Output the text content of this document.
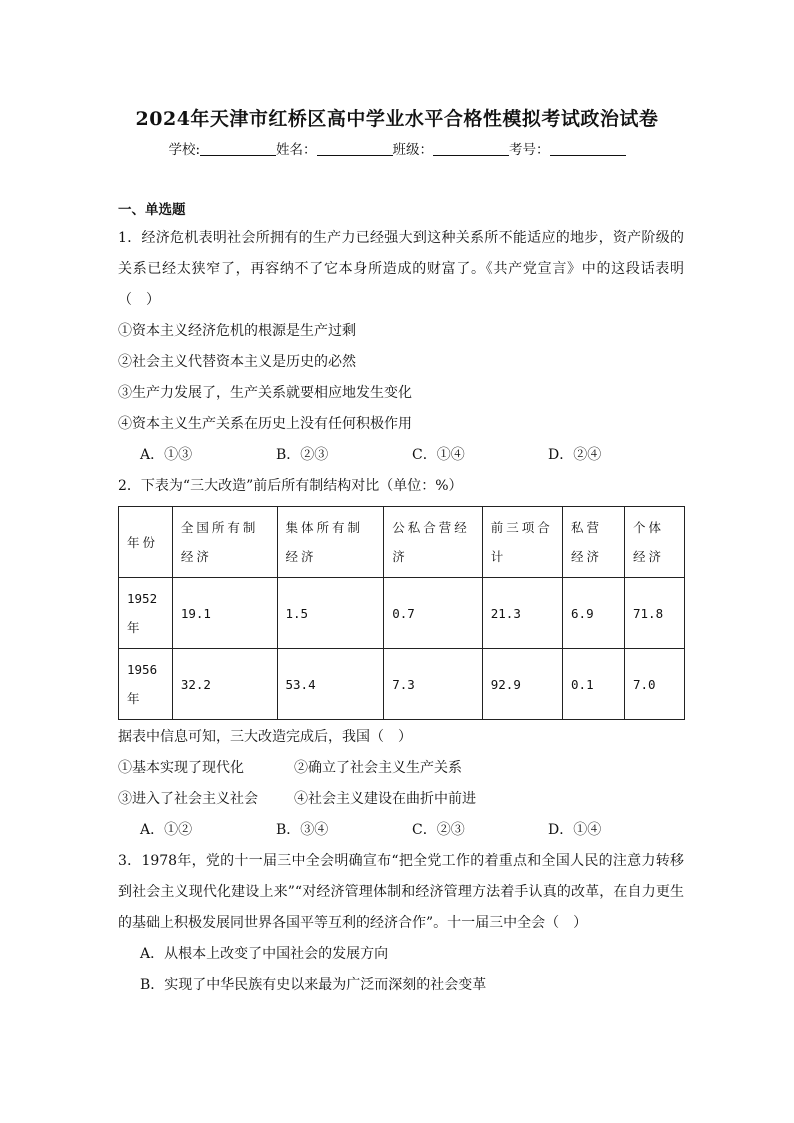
2024年天津市红桥区高中学业水平合格性模拟考试政治试卷
学校:	姓名：	班级：	考号：
一、单选题
1．经济危机表明社会所拥有的生产力已经强大到这种关系所不能适应的地步，资产阶级的关系已经太狭窄了，再容纳不了它本身所造成的财富了。《共产党宣言》中的这段话表明（　）
①资本主义经济危机的根源是生产过剩
②社会主义代替资本主义是历史的必然
③生产力发展了，生产关系就要相应地发生变化
④资本主义生产关系在历史上没有任何积极作用
A．①③	B．②③	C．①④	D．②④
2．下表为“三大改造”前后所有制结构对比（单位：%）
年份	全国所有制经济	集体所有制经济	公私合营经济	前三项合计	私营经济	个体经济

1952年	19.1	1.5	0.7	21.3	6.9	71.8

1956年	32.2	53.4	7.3	92.9	0.1	7.0
据表中信息可知，三大改造完成后，我国（　）
①基本实现了现代化	②确立了社会主义生产关系
③进入了社会主义社会	④社会主义建设在曲折中前进
A．①②	B．③④	C．②③	D．①④
3．1978年，党的十一届三中全会明确宣布“把全党工作的着重点和全国人民的注意力转移到社会主义现代化建设上来”“对经济管理体制和经济管理方法着手认真的改革，在自力更生的基础上积极发展同世界各国平等互利的经济合作”。十一届三中全会（　）
A．从根本上改变了中国社会的发展方向
B．实现了中华民族有史以来最为广泛而深刻的社会变革
